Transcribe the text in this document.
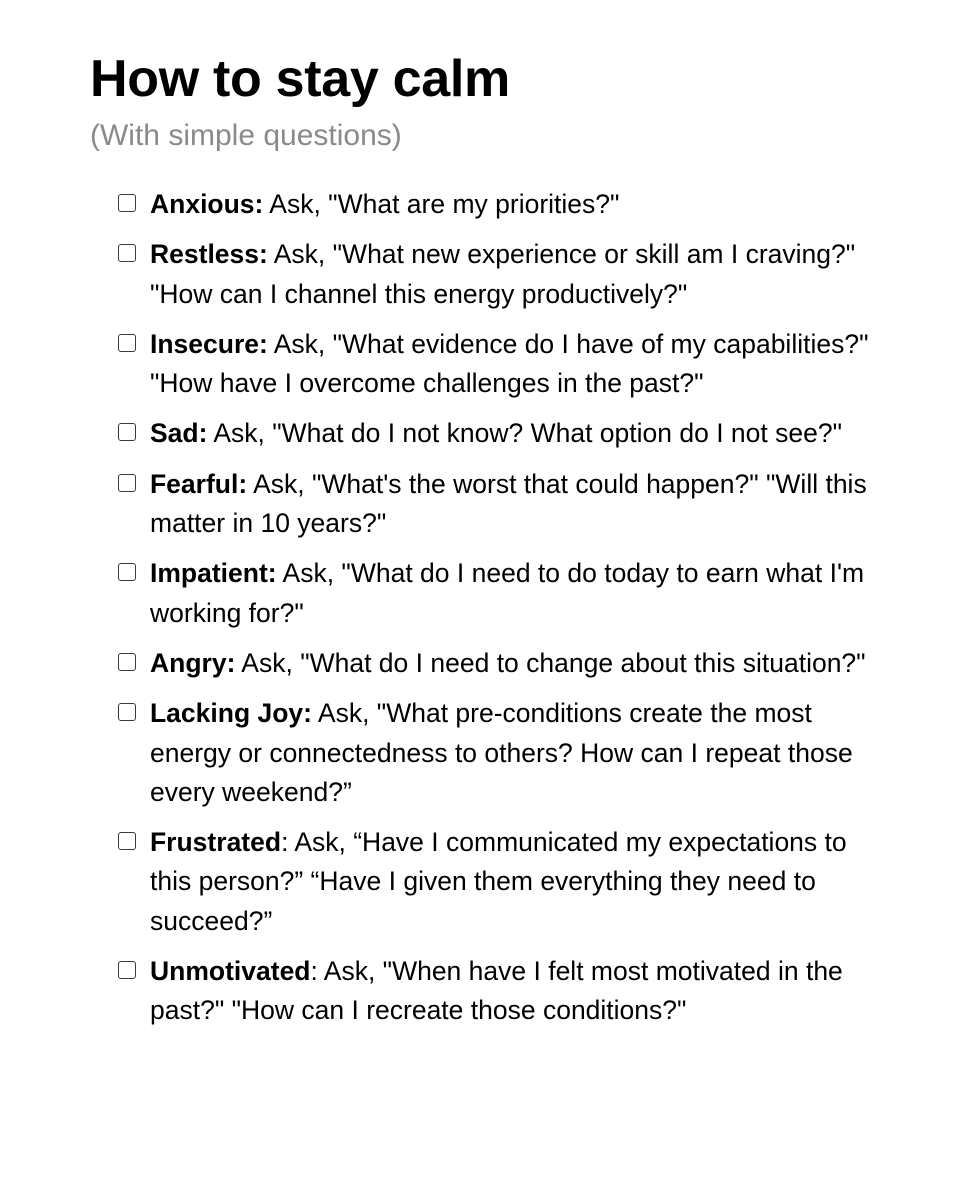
How to stay calm

(With simple questions)

Anxious: Ask, "What are my priorities?"
Restless: Ask, "What new experience or skill am I craving?" "How can I channel this energy productively?"
Insecure: Ask, "What evidence do I have of my capabilities?" "How have I overcome challenges in the past?"
Sad: Ask, "What do I not know? What option do I not see?"
Fearful: Ask, "What's the worst that could happen?" "Will this matter in 10 years?"
Impatient: Ask, "What do I need to do today to earn what I'm working for?"
Angry: Ask, "What do I need to change about this situation?"
Lacking Joy: Ask, "What pre-conditions create the most energy or connectedness to others? How can I repeat those every weekend?”
Frustrated: Ask, “Have I communicated my expectations to this person?” “Have I given them everything they need to succeed?”
Unmotivated: Ask, "When have I felt most motivated in the past?" "How can I recreate those conditions?"
